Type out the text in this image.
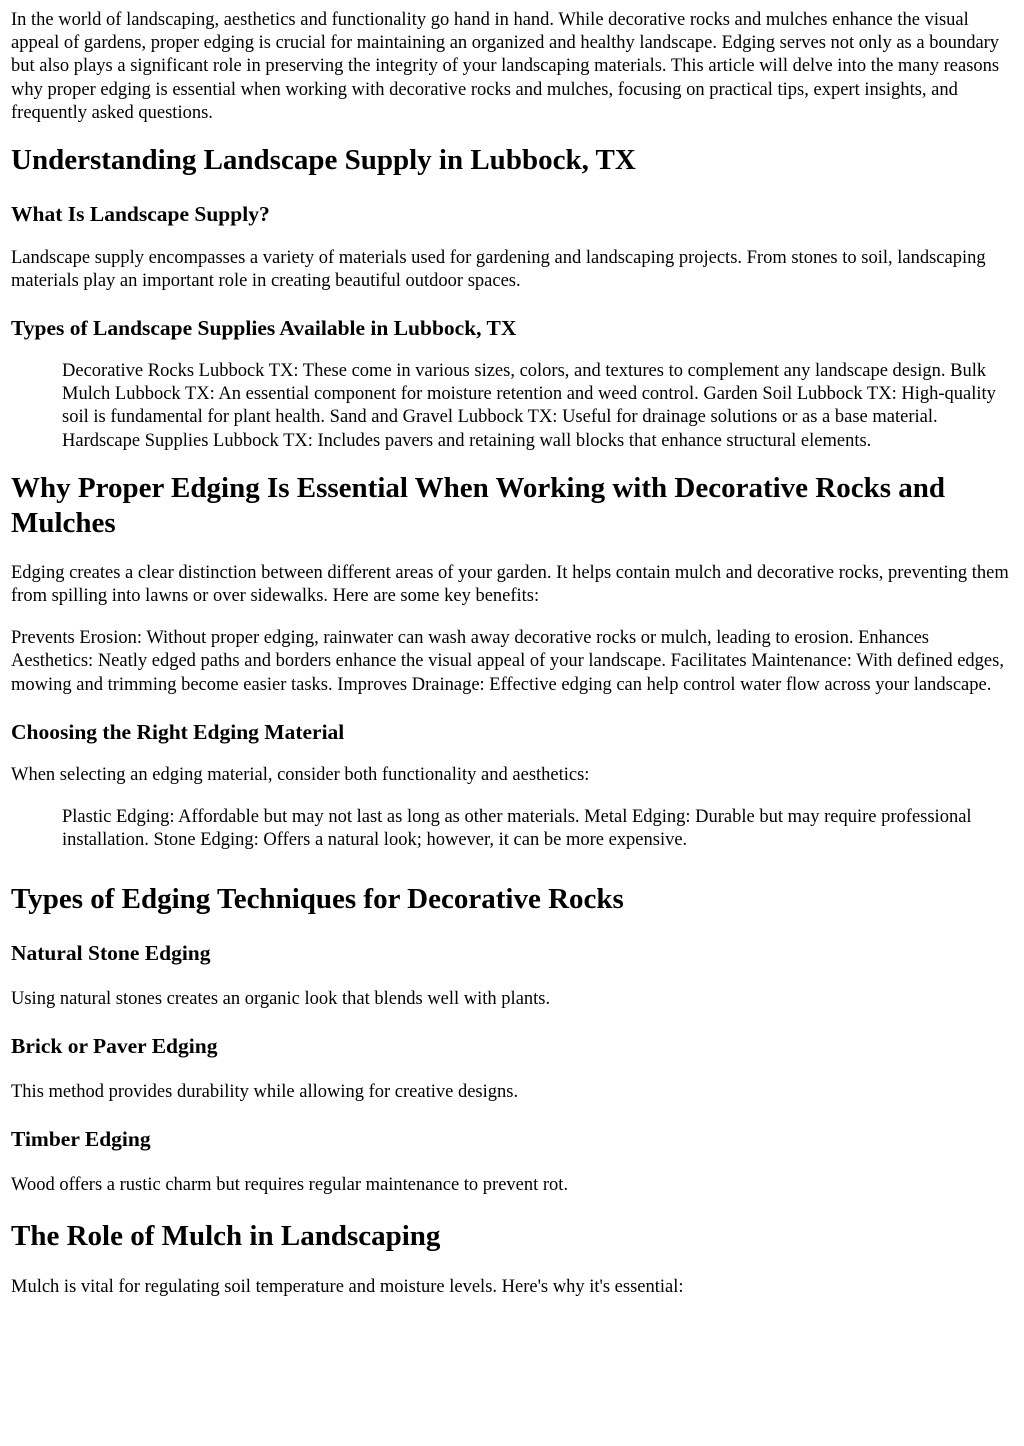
In the world of landscaping, aesthetics and functionality go hand in hand. While decorative rocks and mulches enhance the visual appeal of gardens, proper edging is crucial for maintaining an organized and healthy landscape. Edging serves not only as a boundary but also plays a significant role in preserving the integrity of your landscaping materials. This article will delve into the many reasons why proper edging is essential when working with decorative rocks and mulches, focusing on practical tips, expert insights, and frequently asked questions.

Understanding Landscape Supply in Lubbock, TX
What Is Landscape Supply?

Landscape supply encompasses a variety of materials used for gardening and landscaping projects. From stones to soil, landscaping materials play an important role in creating beautiful outdoor spaces.

Types of Landscape Supplies Available in Lubbock, TX
Decorative Rocks Lubbock TX: These come in various sizes, colors, and textures to complement any landscape design. Bulk Mulch Lubbock TX: An essential component for moisture retention and weed control. Garden Soil Lubbock TX: High-quality soil is fundamental for plant health. Sand and Gravel Lubbock TX: Useful for drainage solutions or as a base material. Hardscape Supplies Lubbock TX: Includes pavers and retaining wall blocks that enhance structural elements.
Why Proper Edging Is Essential When Working with Decorative Rocks and Mulches

Edging creates a clear distinction between different areas of your garden. It helps contain mulch and decorative rocks, preventing them from spilling into lawns or over sidewalks. Here are some key benefits:

Prevents Erosion: Without proper edging, rainwater can wash away decorative rocks or mulch, leading to erosion. Enhances Aesthetics: Neatly edged paths and borders enhance the visual appeal of your landscape. Facilitates Maintenance: With defined edges, mowing and trimming become easier tasks. Improves Drainage: Effective edging can help control water flow across your landscape.

Choosing the Right Edging Material

When selecting an edging material, consider both functionality and aesthetics:

Plastic Edging: Affordable but may not last as long as other materials. Metal Edging: Durable but may require professional installation. Stone Edging: Offers a natural look; however, it can be more expensive.
Types of Edging Techniques for Decorative Rocks
Natural Stone Edging

Using natural stones creates an organic look that blends well with plants.

Brick or Paver Edging

This method provides durability while allowing for creative designs.

Timber Edging

Wood offers a rustic charm but requires regular maintenance to prevent rot.

The Role of Mulch in Landscaping

Mulch is vital for regulating soil temperature and moisture levels. Here's why it's essential:
